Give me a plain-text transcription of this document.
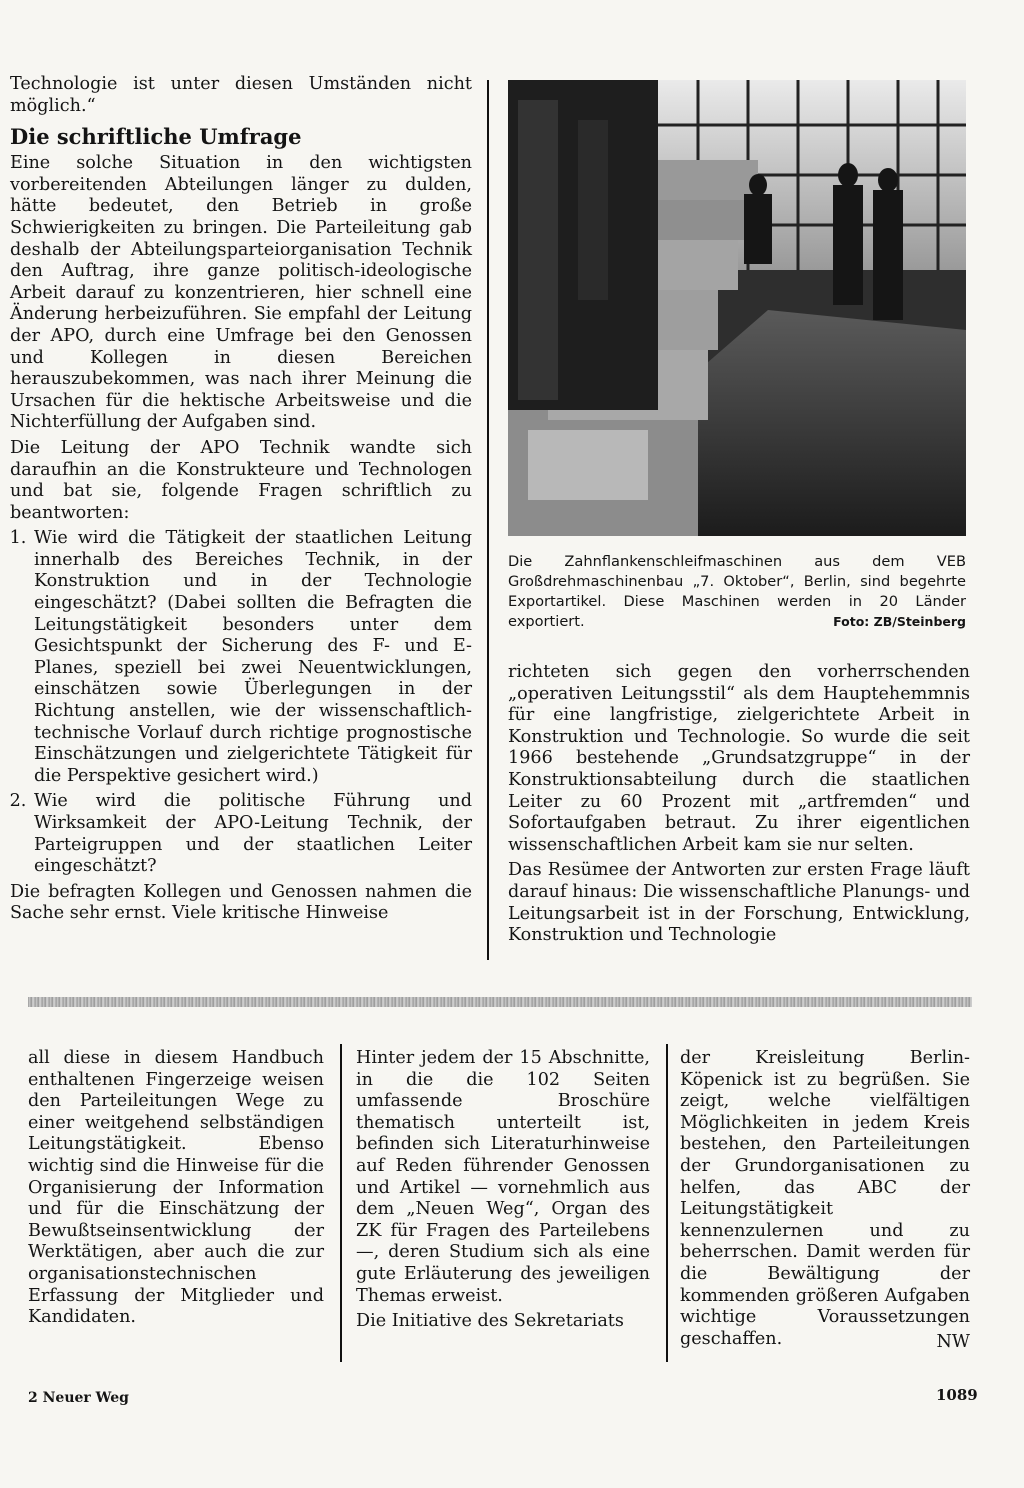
Technologie ist unter diesen Umständen nicht möglich.“

Die schriftliche Umfrage

Eine solche Situation in den wichtigsten vorbereitenden Abteilungen länger zu dulden, hätte bedeutet, den Betrieb in große Schwierigkeiten zu bringen. Die Parteileitung gab deshalb der Abteilungsparteiorganisation Technik den Auftrag, ihre ganze politisch-ideologische Arbeit darauf zu konzentrieren, hier schnell eine Änderung herbeizuführen. Sie empfahl der Leitung der APO, durch eine Umfrage bei den Genossen und Kollegen in diesen Bereichen herauszubekommen, was nach ihrer Meinung die Ursachen für die hektische Arbeitsweise und die Nichterfüllung der Aufgaben sind.

Die Leitung der APO Technik wandte sich daraufhin an die Konstrukteure und Technologen und bat sie, folgende Fragen schriftlich zu beantworten:

1. Wie wird die Tätigkeit der staatlichen Leitung innerhalb des Bereiches Technik, in der Konstruktion und in der Technologie eingeschätzt? (Dabei sollten die Befragten die Leitungstätigkeit besonders unter dem Gesichtspunkt der Sicherung des F- und E-Planes, speziell bei zwei Neuentwicklungen, einschätzen sowie Überlegungen in der Richtung anstellen, wie der wissenschaftlich-technische Vorlauf durch richtige prognostische Einschätzungen und zielgerichtete Tätigkeit für die Perspektive gesichert wird.)
2. Wie wird die politische Führung und Wirksamkeit der APO-Leitung Technik, der Parteigruppen und der staatlichen Leiter eingeschätzt?

Die befragten Kollegen und Genossen nahmen die Sache sehr ernst. Viele kritische Hinweise

Die Zahnflankenschleifmaschinen aus dem VEB Großdrehmaschinenbau „7. Oktober“, Berlin, sind begehrte Exportartikel. Diese Maschinen werden in 20 Länder exportiert.	Foto: ZB/Steinberg

richteten sich gegen den vorherrschenden „operativen Leitungsstil“ als dem Hauptehemmnis für eine langfristige, zielgerichtete Arbeit in Konstruktion und Technologie. So wurde die seit 1966 bestehende „Grundsatzgruppe“ in der Konstruktionsabteilung durch die staatlichen Leiter zu 60 Prozent mit „artfremden“ und Sofortaufgaben betraut. Zu ihrer eigentlichen wissenschaftlichen Arbeit kam sie nur selten.

Das Resümee der Antworten zur ersten Frage läuft darauf hinaus: Die wissenschaftliche Planungs- und Leitungsarbeit ist in der Forschung, Entwicklung, Konstruktion und Technologie

all diese in diesem Handbuch enthaltenen Fingerzeige weisen den Parteileitungen Wege zu einer weitgehend selbständigen Leitungstätigkeit. Ebenso wichtig sind die Hinweise für die Organisierung der Information und für die Einschätzung der Bewußtseinsentwicklung der Werktätigen, aber auch die zur organisationstechnischen Erfassung der Mitglieder und Kandidaten.

Hinter jedem der 15 Abschnitte, in die die 102 Seiten umfassende Broschüre thematisch unterteilt ist, befinden sich Literaturhinweise auf Reden führender Genossen und Artikel — vornehmlich aus dem „Neuen Weg“, Organ des ZK für Fragen des Parteilebens —, deren Studium sich als eine gute Erläuterung des jeweiligen Themas erweist.

Die Initiative des Sekretariats

der Kreisleitung Berlin-Köpenick ist zu begrüßen. Sie zeigt, welche vielfältigen Möglichkeiten in jedem Kreis bestehen, den Parteileitungen der Grundorganisationen zu helfen, das ABC der Leitungstätigkeit kennenzulernen und zu beherrschen. Damit werden für die Bewältigung der kommenden größeren Aufgaben wichtige Voraussetzungen geschaffen.	NW

2 Neuer Weg	1089
